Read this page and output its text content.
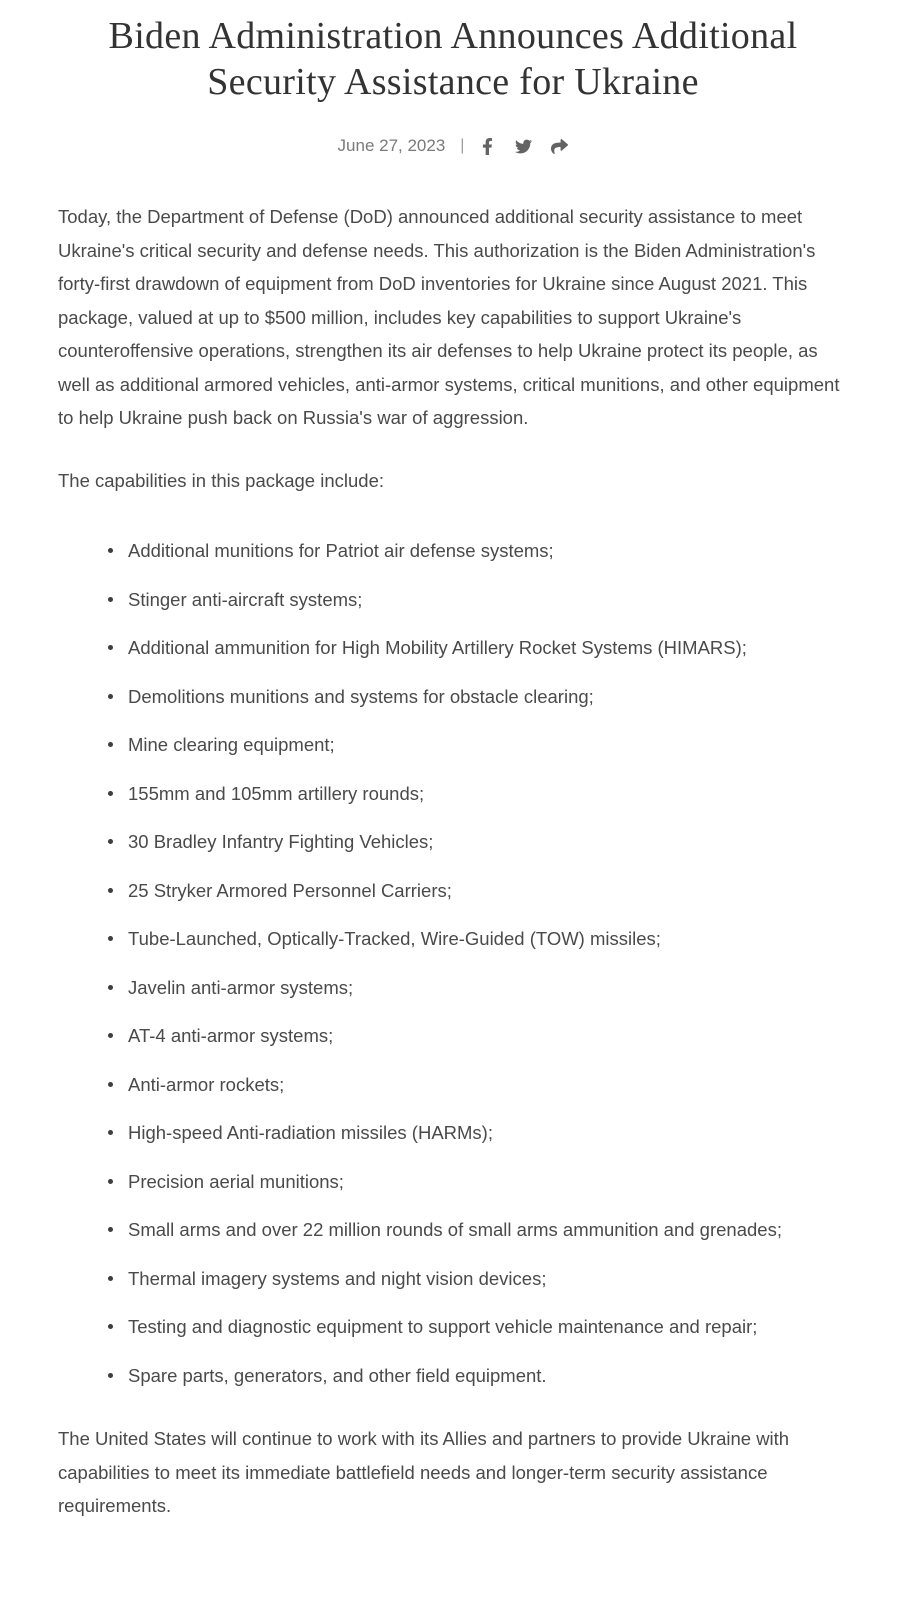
Biden Administration Announces Additional
Security Assistance for Ukraine
June 27, 2023 |

Today, the Department of Defense (DoD) announced additional security assistance to meet Ukraine's critical security and defense needs. This authorization is the Biden Administration's forty-first drawdown of equipment from DoD inventories for Ukraine since August 2021. This package, valued at up to $500 million, includes key capabilities to support Ukraine's counteroffensive operations, strengthen its air defenses to help Ukraine protect its people, as well as additional armored vehicles, anti-armor systems, critical munitions, and other equipment to help Ukraine push back on Russia's war of aggression.

The capabilities in this package include:

Additional munitions for Patriot air defense systems;
Stinger anti-aircraft systems;
Additional ammunition for High Mobility Artillery Rocket Systems (HIMARS);
Demolitions munitions and systems for obstacle clearing;
Mine clearing equipment;
155mm and 105mm artillery rounds;
30 Bradley Infantry Fighting Vehicles;
25 Stryker Armored Personnel Carriers;
Tube-Launched, Optically-Tracked, Wire-Guided (TOW) missiles;
Javelin anti-armor systems;
AT-4 anti-armor systems;
Anti-armor rockets;
High-speed Anti-radiation missiles (HARMs);
Precision aerial munitions;
Small arms and over 22 million rounds of small arms ammunition and grenades;
Thermal imagery systems and night vision devices;
Testing and diagnostic equipment to support vehicle maintenance and repair;
Spare parts, generators, and other field equipment.

The United States will continue to work with its Allies and partners to provide Ukraine with capabilities to meet its immediate battlefield needs and longer-term security assistance requirements.
